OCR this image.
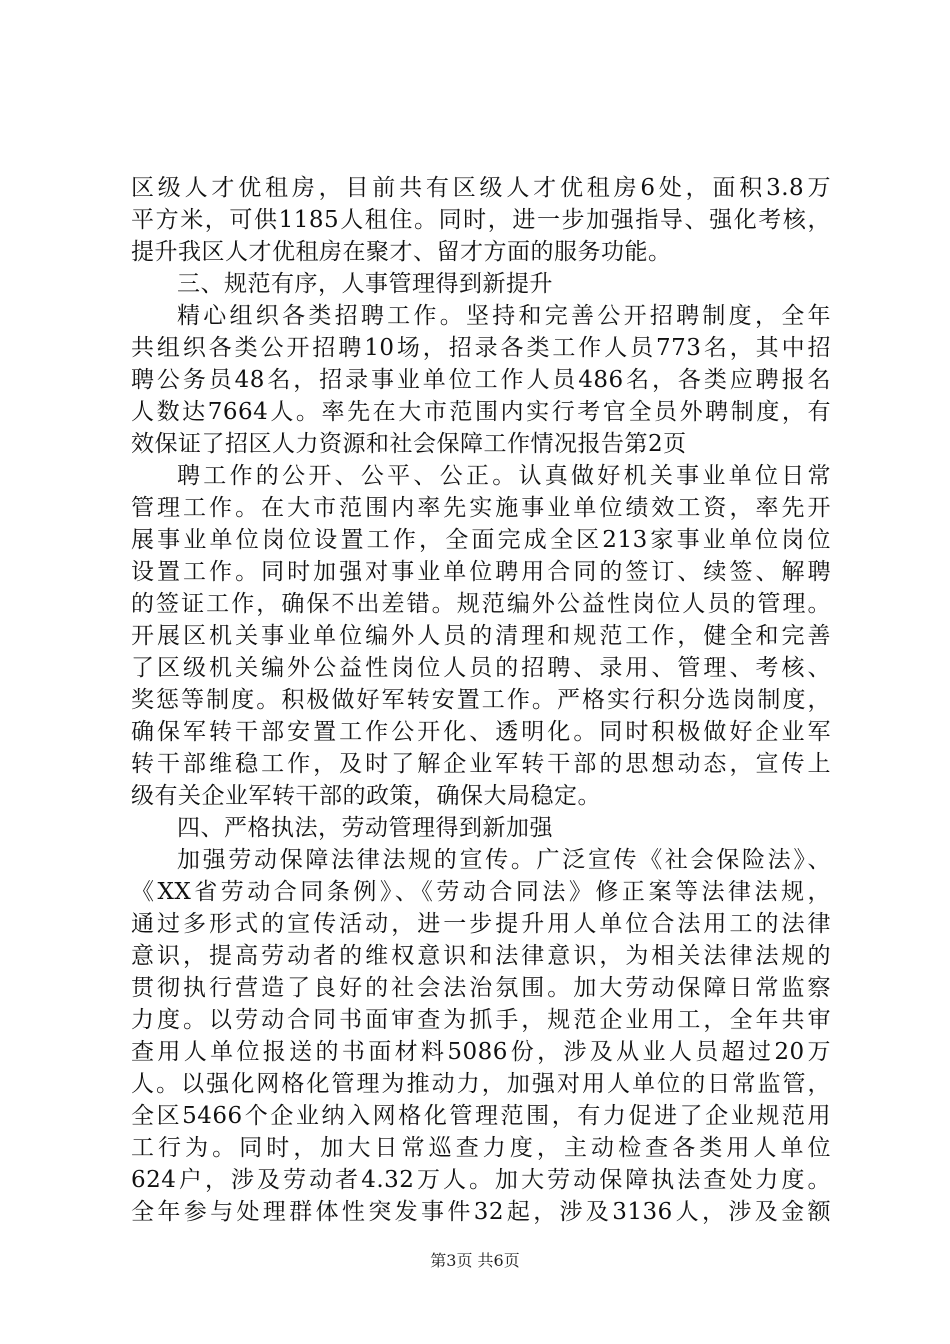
区级人才优租房，目前共有区级人才优租房6处，面积3.8万
平方米，可供1185人租住。同时，进一步加强指导、强化考核，
提升我区人才优租房在聚才、留才方面的服务功能。
三、规范有序，人事管理得到新提升
精心组织各类招聘工作。坚持和完善公开招聘制度，全年
共组织各类公开招聘10场，招录各类工作人员773名，其中招
聘公务员48名，招录事业单位工作人员486名，各类应聘报名
人数达7664人。率先在大市范围内实行考官全员外聘制度，有
效保证了招区人力资源和社会保障工作情况报告第2页
聘工作的公开、公平、公正。认真做好机关事业单位日常
管理工作。在大市范围内率先实施事业单位绩效工资，率先开
展事业单位岗位设置工作，全面完成全区213家事业单位岗位
设置工作。同时加强对事业单位聘用合同的签订、续签、解聘
的签证工作，确保不出差错。规范编外公益性岗位人员的管理。
开展区机关事业单位编外人员的清理和规范工作，健全和完善
了区级机关编外公益性岗位人员的招聘、录用、管理、考核、
奖惩等制度。积极做好军转安置工作。严格实行积分选岗制度，
确保军转干部安置工作公开化、透明化。同时积极做好企业军
转干部维稳工作，及时了解企业军转干部的思想动态，宣传上
级有关企业军转干部的政策，确保大局稳定。
四、严格执法，劳动管理得到新加强
加强劳动保障法律法规的宣传。广泛宣传《社会保险法》、
《XX省劳动合同条例》、《劳动合同法》修正案等法律法规，
通过多形式的宣传活动，进一步提升用人单位合法用工的法律
意识，提高劳动者的维权意识和法律意识，为相关法律法规的
贯彻执行营造了良好的社会法治氛围。加大劳动保障日常监察
力度。以劳动合同书面审查为抓手，规范企业用工，全年共审
查用人单位报送的书面材料5086份，涉及从业人员超过20万
人。以强化网格化管理为推动力，加强对用人单位的日常监管，
全区5466个企业纳入网格化管理范围，有力促进了企业规范用
工行为。同时，加大日常巡查力度，主动检查各类用人单位
624户，涉及劳动者4.32万人。加大劳动保障执法查处力度。
全年参与处理群体性突发事件32起，涉及3136人，涉及金额
第3页 共6页
